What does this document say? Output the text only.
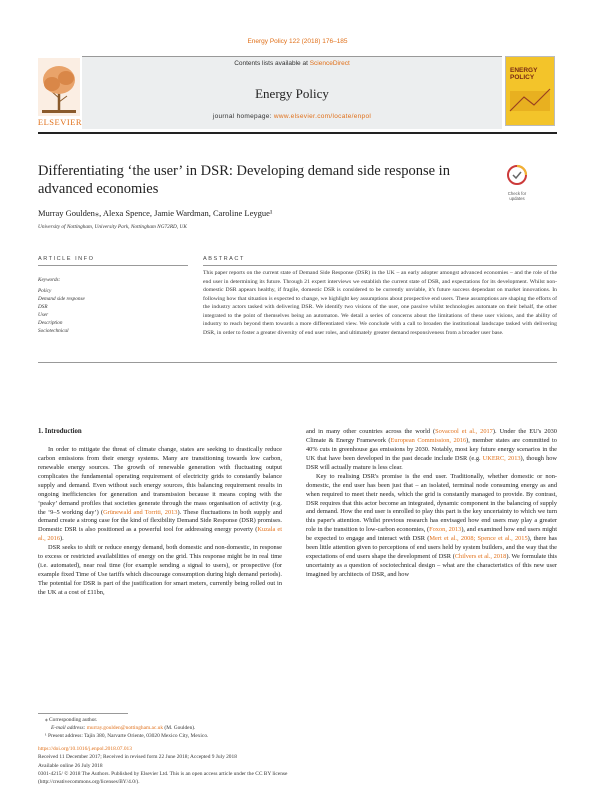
Energy Policy 122 (2018) 176–185
Contents lists available at ScienceDirect
Energy Policy
journal homepage: www.elsevier.com/locate/enpol
ELSEVIER
ENERGY
POLICY
Differentiating ‘the user’ in DSR: Developing demand side response in advanced economies	Check for
updates
Murray Goulden⁎, Alexa Spence, Jamie Wardman, Caroline Leygue¹
University of Nottingham, University Park, Nottingham NG72RD, UK
ARTICLE INFO
Keywords:
Policy
Demand side response
DSR
User
Description
Sociotechnical
ABSTRACT
This paper reports on the current state of Demand Side Response (DSR) in the UK – an early adopter amongst advanced economies – and the role of the end user in determining its future. Through 21 expert interviews we establish the current state of DSR, and expectations for its development. Whilst non-domestic DSR appears healthy, if fragile, domestic DSR is considered to be currently unviable, it's future success dependant on market innovations. In following how that situation is expected to change, we highlight key assumptions about prospective end users. These assumptions are shaping the efforts of the industry actors tasked with delivering DSR. We identify two visions of the user, one passive whilst technologies automate on their behalf, the other integrated to the point of themselves being an automaton. We detail a series of concerns about the limitations of these user visions, and the ability of industry to reach beyond them towards a more differentiated view. We conclude with a call to broaden the institutional landscape tasked with delivering DSR, in order to foster a greater diversity of end user roles, and ultimately greater demand responsiveness from a broader user base.
1. Introduction

In order to mitigate the threat of climate change, states are seeking to drastically reduce carbon emissions from their energy systems. Many are transitioning towards low carbon, renewable energy sources. The growth of renewable generation with fluctuating output complicates the fundamental operating requirement of electricity grids to constantly balance supply and demand. Even without such energy sources, this balancing requirement results in ongoing inefficiencies for generation and transmission because it means coping with the ‘peaky’ demand profiles that societies generate through the mass organisation of activity (e.g. the ‘9–5 working day’) (Grünewald and Torriti, 2013). These fluctuations in both supply and demand create a strong case for the kind of flexibility Demand Side Response (DSR) promises. Domestic DSR is also positioned as a powerful tool for addressing energy poverty (Kuzala et al., 2016).

DSR seeks to shift or reduce energy demand, both domestic and non-domestic, in response to excess or restricted availabilities of energy on the grid. This response might be in real time (i.e. automated), near real time (for example sending a signal to users), or prospective (for example fixed Time of Use tariffs which discourage consumption during high demand periods). The potential for DSR is part of the justification for smart meters, currently being rolled out in the UK at a cost of £11bn,

and in many other countries across the world (Sovacool et al., 2017). Under the EU's 2030 Climate & Energy Framework (European Commission, 2016), member states are committed to 40% cuts in greenhouse gas emissions by 2030. Notably, most key future energy scenarios in the UK that have been developed in the past decade include DSR (e.g. UKERC, 2013), though how DSR will actually mature is less clear.

Key to realising DSR's promise is the end user. Traditionally, whether domestic or non-domestic, the end user has been just that – an isolated, terminal node consuming energy as and when required to meet their needs, which the grid is constantly managed to provide. By contrast, DSR requires that this actor become an integrated, dynamic component in the balancing of supply and demand. How the end user is enrolled to play this part is the key uncertainty to which we turn this paper's attention. Whilst previous research has envisaged how end users may play a greater role in the transition to low-carbon economies, (Foxon, 2013), and examined how end users might be expected to engage and interact with DSR (Mert et al., 2008; Spence et al., 2015), there has been little attention given to perceptions of end users held by system builders, and the way that the expectations of end users shape the development of DSR (Chilvers et al., 2018). We formulate this uncertainty as a question of sociotechnical design – what are the characteristics of this new user imagined by architects of DSR, and how

⁎ Corresponding author.
E-mail address: murray.goulden@nottingham.ac.uk (M. Goulden).
¹ Present address: Tajín 380, Narvarte Oriente, 03020 Mexico City, Mexico.
https://doi.org/10.1016/j.enpol.2018.07.013
Received 11 December 2017; Received in revised form 22 June 2018; Accepted 9 July 2018
Available online 26 July 2018
0301-4215/ © 2018 The Authors. Published by Elsevier Ltd. This is an open access article under the CC BY license
(http://creativecommons.org/licenses/BY/4.0/).
